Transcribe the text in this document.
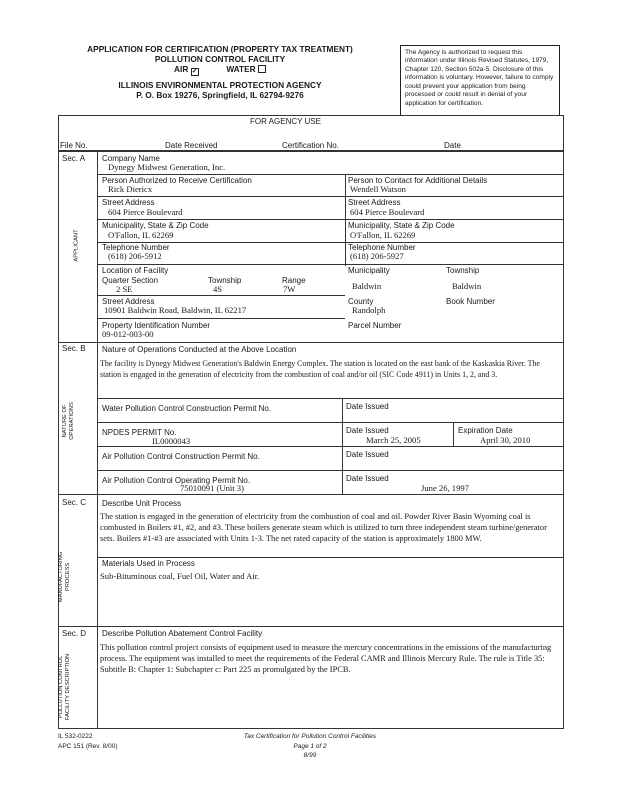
APPLICATION FOR CERTIFICATION (PROPERTY TAX TREATMENT)
POLLUTION CONTROL FACILITY
AIR ✓	WATER
ILLINOIS ENVIRONMENTAL PROTECTION AGENCY
P. O. Box 19276, Springfield, IL 62794-9276
The Agency is authorized to request this information under Illinois Revised Statutes, 1979, Chapter 120, Section 502a-5. Disclosure of this information is voluntary. However, failure to comply could prevent your application from being processed or could result in denial of your application for certification.
FOR AGENCY USE
File No.	Date Received	Certification No.	Date
Sec. A
APPLICANT
Company Name
Dynegy Midwest Generation, Inc.
Person Authorized to Receive Certification
Rick Diericx
Person to Contact for Additional Details
Wendell Watson
Street Address
604 Pierce Boulevard
Street Address
604 Pierce Boulevard
Municipality, State & Zip Code
O'Fallon, IL 62269
Municipality, State & Zip Code
O'Fallon, IL 62269
Telephone Number
(618) 206-5912
Telephone Number
(618) 206-5927
Location of Facility
Quarter Section
2 SE
Township
4S
Range
7W
Municipality
Baldwin
Township
Baldwin
Street Address
10901 Baldwin Road, Baldwin, IL 62217
County
Randolph
Book Number
Property Identification Number
09-012-003-00
Parcel Number
Sec. B
NATURE OF
OPERATIONS
Nature of Operations Conducted at the Above Location
The facility is Dynegy Midwest Generation's Baldwin Energy Complex. The station is located on the east bank of the Kaskaskia River. The station is engaged in the generation of electricity from the combustion of coal and/or oil (SIC Code 4911) in Units 1, 2, and 3.
Water Pollution Control Construction Permit No.	Date Issued
NPDES PERMIT No.
IL0000043
Date Issued
March 25, 2005
Expiration Date
April 30, 2010
Air Pollution Control Construction Permit No.	Date Issued
Air Pollution Control Operating Permit No.
75010091 (Unit 3)
Date Issued
June 26, 1997
Sec. C
MANUFACTURING
PROCESS
Describe Unit Process
The station is engaged in the generation of electricity from the combustion of coal and oil. Powder River Basin Wyoming coal is combusted in Boilers #1, #2, and #3. These boilers generate steam which is utilized to turn three independent steam turbine/generator sets. Boilers #1-#3 are associated with Units 1-3. The net rated capacity of the station is approximately 1800 MW.
Materials Used in Process
Sub-Bituminous coal, Fuel Oil, Water and Air.
Sec. D
POLLUTION CONTROL
FACILITY DESCRIPTION
Describe Pollution Abatement Control Facility
This pollution control project consists of equipment used to measure the mercury concentrations in the emissions of the manufacturing process. The equipment was installed to meet the requirements of the Federal CAMR and Illinois Mercury Rule. The rule is Title 35: Subtitle B: Chapter 1: Subchapter c: Part 225 as promulgated by the IPCB.
IL 532-0222
APC 151 (Rev. 8/00)
Tax Certification for Pollution Control Facilities
Page 1 of 2
8/99
